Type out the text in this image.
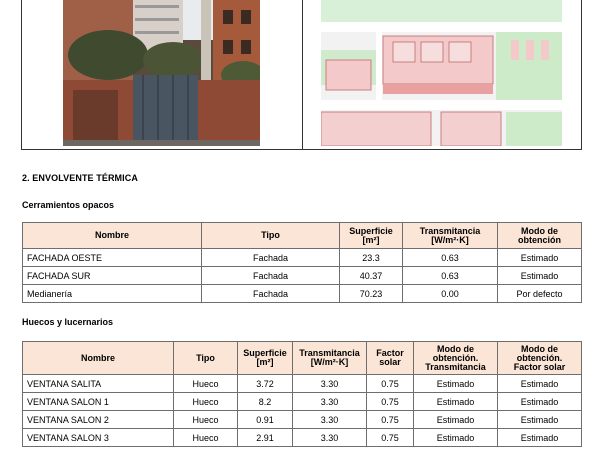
2. ENVOLVENTE TÉRMICA
Cerramientos opacos
Nombre	Tipo	Superficie [m²]	Transmitancia [W/m²·K]	Modo de obtención
FACHADA OESTE	Fachada	23.3	0.63	Estimado
FACHADA SUR	Fachada	40.37	0.63	Estimado
Medianería	Fachada	70.23	0.00	Por defecto
Huecos y lucernarios
Nombre	Tipo	Superficie [m²]	Transmitancia [W/m²·K]	Factor solar	Modo de obtención. Transmitancia	Modo de obtención. Factor solar
VENTANA SALITA	Hueco	3.72	3.30	0.75	Estimado	Estimado
VENTANA SALON 1	Hueco	8.2	3.30	0.75	Estimado	Estimado
VENTANA SALON 2	Hueco	0.91	3.30	0.75	Estimado	Estimado
VENTANA SALON 3	Hueco	2.91	3.30	0.75	Estimado	Estimado
